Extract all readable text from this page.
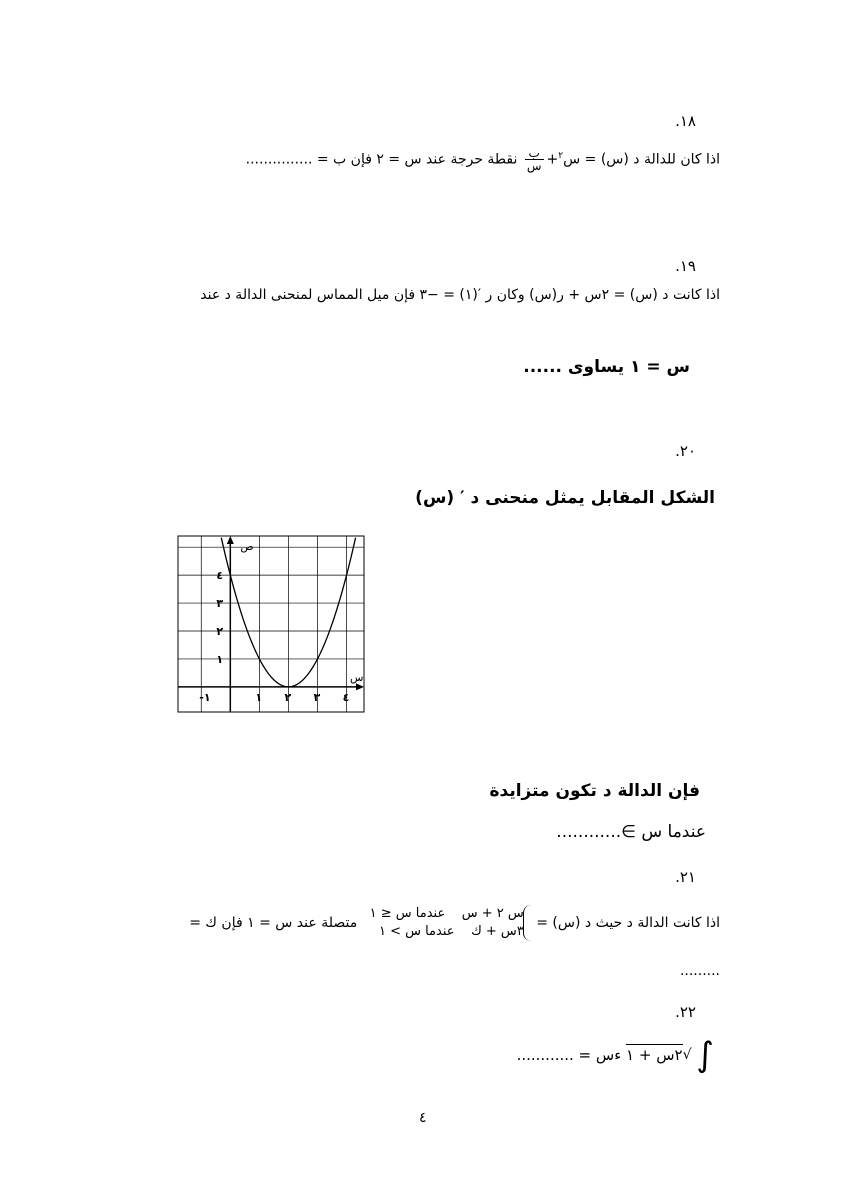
.١٨
اذا كان للدالة د (س) = س$^٢$+
$\frac{\text{ب}}{\text{س}}$
نقطة حرجة عند س = ٢ فإن ب = ...............
.١٩
اذا كانت د (س) = ٢س + ر(س) وكان ر ′(١) = −٣ فإن ميل المماس لمنحنى الدالة د عند
س = ١ يساوى ......
.٢٠
الشكل المقابل يمثل منحنى د ′ (س)
-١	١ ٢ ٣ ٤
١
٢
٣
٤
ص
س
فإن الدالة د تكون متزايدة
عندما س ∋............
.٢١
اذا كانت الدالة د حيث د (س) =
س ٢ + س    عندما س ≤ ١
٣س + ك    عندما س > ١
متصلة عند س = ١ فإن ك =
.........
.٢٢
∫ √٢س + ١ ءس = ............
٤
